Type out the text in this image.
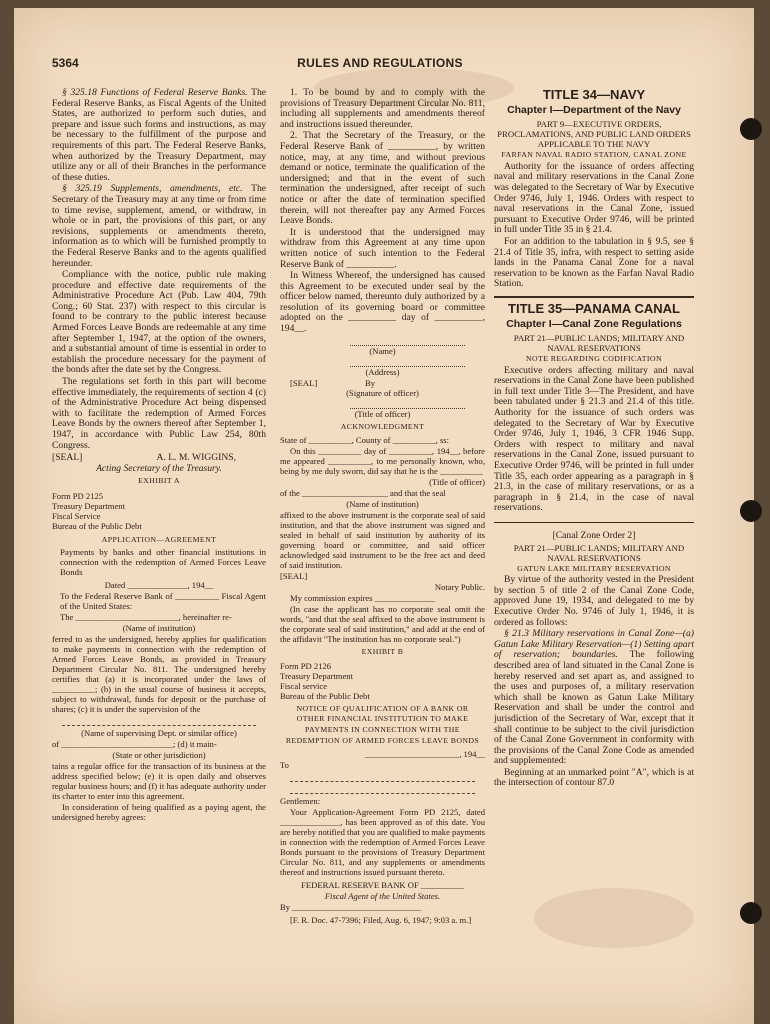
5364	RULES AND REGULATIONS

§ 325.18 Functions of Federal Reserve Banks. The Federal Reserve Banks, as Fiscal Agents of the United States, are authorized to perform such duties, and prepare and issue such forms and instructions, as may be necessary to the fulfillment of the purpose and requirements of this part. The Federal Reserve Banks, when authorized by the Treasury Department, may utilize any or all of their Branches in the performance of these duties.

§ 325.19 Supplements, amendments, etc. The Secretary of the Treasury may at any time or from time to time revise, supplement, amend, or withdraw, in whole or in part, the provisions of this part, or any revisions, supplements or amendments thereto, information as to which will be furnished promptly to the Federal Reserve Banks and to the agents qualified hereunder.

Compliance with the notice, public rule making procedure and effective date requirements of the Administrative Procedure Act (Pub. Law 404, 79th Cong.; 60 Stat. 237) with respect to this circular is found to be contrary to the public interest because Armed Forces Leave Bonds are redeemable at any time after September 1, 1947, at the option of the owners, and a substantial amount of time is essential in order to establish the procedure necessary for the payment of the bonds after the date set by the Congress.

The regulations set forth in this part will become effective immediately, the requirements of section 4 (c) of the Administrative Procedure Act being dispensed with to facilitate the redemption of Armed Forces Leave Bonds by the owners thereof after September 1, 1947, in accordance with Public Law 254, 80th Congress.

[SEAL]	A. L. M. WIGGINS,

Acting Secretary of the Treasury.

EXHIBIT A

Form PD 2125
Treasury Department
Fiscal Service
Bureau of the Public Debt

APPLICATION—AGREEMENT

Payments by banks and other financial institutions in connection with the redemption of Armed Forces Leave Bonds

Dated ______________, 194__

To the Federal Reserve Bank of __________ Fiscal Agent of the United States:

The ________________________, hereinafter re-

(Name of institution)

ferred to as the undersigned, hereby applies for qualification to make payments in connection with the redemption of Armed Forces Leave Bonds, as provided in Treasury Department Circular No. 811. The undersigned hereby certifies that (a) it is incorporated under the laws of __________; (b) in the usual course of business it accepts, subject to withdrawal, funds for deposit or the purchase of shares; (c) it is under the supervision of the

(Name of supervising Dept. or similar office)

of __________________________; (d) it main-

(State or other jurisdiction)

tains a regular office for the transaction of its business at the address specified below; (e) it is open daily and observes regular business hours; and (f) it has adequate authority under its charter to enter into this agreement.

In consideration of being qualified as a paying agent, the undersigned hereby agrees:

1. To be bound by and to comply with the provisions of Treasury Department Circular No. 811, including all supplements and amendments thereof and instructions issued thereunder.

2. That the Secretary of the Treasury, or the Federal Reserve Bank of __________, by written notice, may, at any time, and without previous demand or notice, terminate the qualification of the undersigned; and that in the event of such termination the undersigned, after receipt of such notice or after the date of termination specified therein, will not thereafter pay any Armed Forces Leave Bonds.

It is understood that the undersigned may withdraw from this Agreement at any time upon written notice of such intention to the Federal Reserve Bank of __________.

In Witness Whereof, the undersigned has caused this Agreement to be executed under seal by the officer below named, thereunto duly authorized by a resolution of its governing board or committee adopted on the __________ day of __________, 194__.

(Name)

(Address)

[SEAL]	By

(Signature of officer)

(Title of officer)

ACKNOWLEDGMENT

State of __________, County of __________, ss:

On this __________ day of __________, 194__, before me appeared __________, to me personally known, who, being by me duly sworn, did say that he is the __________

(Title of officer)

of the ____________________ and that the seal

(Name of institution)

affixed to the above instrument is the corporate seal of said institution, and that the above instrument was signed and sealed in behalf of said institution by authority of its governing board or committee, and said officer acknowledged said instrument to be the free act and deed of said institution.

[SEAL]

Notary Public.

My commission expires ______________

(In case the applicant has no corporate seal omit the words, "and that the seal affixed to the above instrument is the corporate seal of said institution," and add at the end of the affidavit "The institution has no corporate seal.")

EXHIBIT B

Form PD 2126
Treasury Department
Fiscal service
Bureau of the Public Debt

NOTICE OF QUALIFICATION OF A BANK OR OTHER FINANCIAL INSTITUTION TO MAKE PAYMENTS IN CONNECTION WITH THE REDEMPTION OF ARMED FORCES LEAVE BONDS

______________________, 194__

To

Gentlemen:

Your Application-Agreement Form PD 2125, dated ______________, has been approved as of this date. You are hereby notified that you are qualified to make payments in connection with the redemption of Armed Forces Leave Bonds pursuant to the provisions of Treasury Department Circular No. 811, and any supplements or amendments thereof and instructions issued pursuant thereto.

FEDERAL RESERVE BANK OF __________

Fiscal Agent of the United States.

By ______________________________

[F. R. Doc. 47-7396; Filed, Aug. 6, 1947; 9:03 a. m.]

TITLE 34—NAVY
Chapter I—Department of the Navy

PART 9—EXECUTIVE ORDERS, PROCLAMATIONS, AND PUBLIC LAND ORDERS APPLICABLE TO THE NAVY

FARFAN NAVAL RADIO STATION, CANAL ZONE

Authority for the issuance of orders affecting naval and military reservations in the Canal Zone was delegated to the Secretary of War by Executive Order 9746, July 1, 1946. Orders with respect to naval reservations in the Canal Zone, issued pursuant to Executive Order 9746, will be printed in full under Title 35 in § 21.4.

For an addition to the tabulation in § 9.5, see § 21.4 of Title 35, infra, with respect to setting aside lands in the Panama Canal Zone for a naval reservation to be known as the Farfan Naval Radio Station.

TITLE 35—PANAMA CANAL
Chapter I—Canal Zone Regulations

PART 21—PUBLIC LANDS; MILITARY AND NAVAL RESERVATIONS

NOTE REGARDING CODIFICATION

Executive orders affecting military and naval reservations in the Canal Zone have been published in full text under Title 3—The President, and have been tabulated under § 21.3 and 21.4 of this title. Authority for the issuance of such orders was delegated to the Secretary of War by Executive Order 9746, July 1, 1946, 3 CFR 1946 Supp. Orders with respect to military and naval reservations in the Canal Zone, issued pursuant to Executive Order 9746, will be printed in full under Title 35, each order appearing as a paragraph in § 21.3, in the case of military reservations, or as a paragraph in § 21.4, in the case of naval reservations.

[Canal Zone Order 2]

PART 21—PUBLIC LANDS; MILITARY AND NAVAL RESERVATIONS

GATUN LAKE MILITARY RESERVATION

By virtue of the authority vested in the President by section 5 of title 2 of the Canal Zone Code, approved June 19, 1934, and delegated to me by Executive Order No. 9746 of July 1, 1946, it is ordered as follows:

§ 21.3 Military reservations in Canal Zone—(a) Gatun Lake Military Reservation—(1) Setting apart of reservation; boundaries. The following described area of land situated in the Canal Zone is hereby reserved and set apart as, and assigned to the uses and purposes of, a military reservation which shall be known as Gatun Lake Military Reservation and shall be under the control and jurisdiction of the Secretary of War, except that it shall continue to be subject to the civil jurisdiction of the Canal Zone Government in conformity with the provisions of the Canal Zone Code as amended and supplemented:

Beginning at an unmarked point "A", which is at the intersection of contour 87.0
